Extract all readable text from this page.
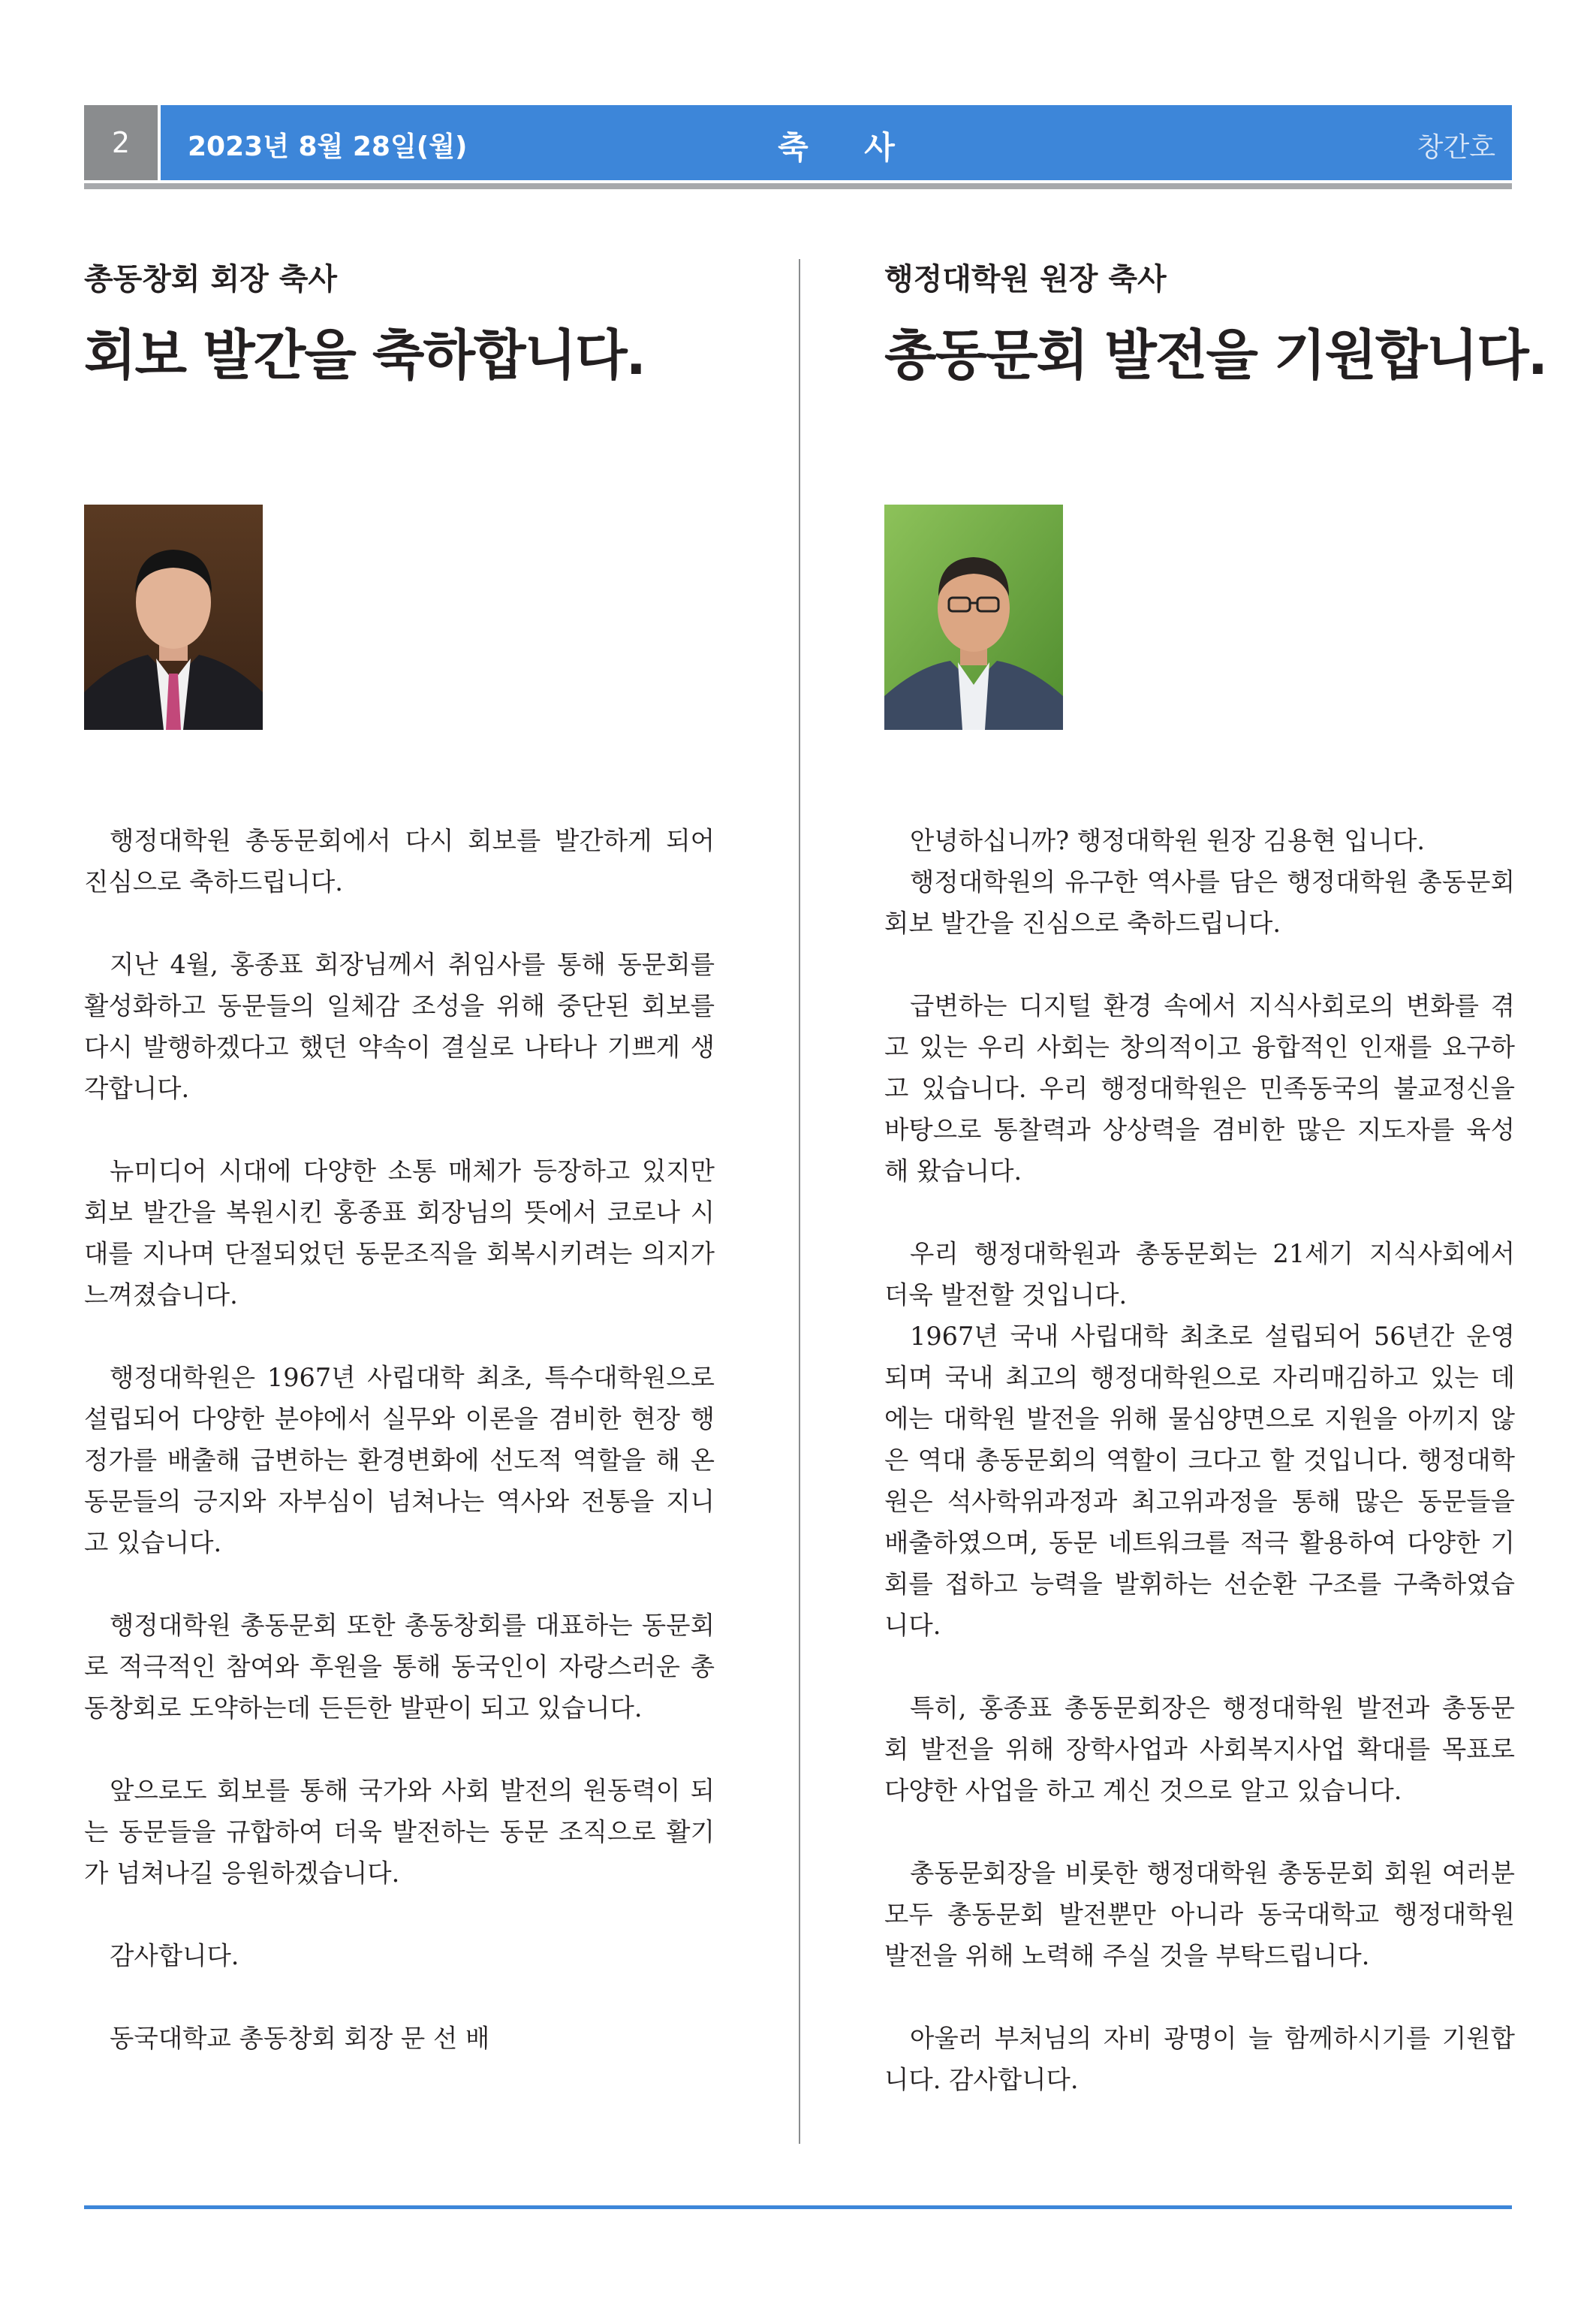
2	2023년 8월 28일(월)	축 사	창간호
총동창회 회장 축사
회보 발간을 축하합니다.

행정대학원 총동문회에서 다시 회보를 발간하게 되어 진심으로 축하드립니다.

지난 4월, 홍종표 회장님께서 취임사를 통해 동문회를 활성화하고 동문들의 일체감 조성을 위해 중단된 회보를 다시 발행하겠다고 했던 약속이 결실로 나타나 기쁘게 생각합니다.

뉴미디어 시대에 다양한 소통 매체가 등장하고 있지만 회보 발간을 복원시킨 홍종표 회장님의 뜻에서 코로나 시대를 지나며 단절되었던 동문조직을 회복시키려는 의지가 느껴졌습니다.

행정대학원은 1967년 사립대학 최초, 특수대학원으로 설립되어 다양한 분야에서 실무와 이론을 겸비한 현장 행정가를 배출해 급변하는 환경변화에 선도적 역할을 해 온 동문들의 긍지와 자부심이 넘쳐나는 역사와 전통을 지니고 있습니다.

행정대학원 총동문회 또한 총동창회를 대표하는 동문회로 적극적인 참여와 후원을 통해 동국인이 자랑스러운 총동창회로 도약하는데 든든한 발판이 되고 있습니다.

앞으로도 회보를 통해 국가와 사회 발전의 원동력이 되는 동문들을 규합하여 더욱 발전하는 동문 조직으로 활기가 넘쳐나길 응원하겠습니다.

감사합니다.

동국대학교 총동창회 회장 문 선 배

행정대학원 원장 축사
총동문회 발전을 기원합니다.

안녕하십니까? 행정대학원 원장 김용현 입니다.

행정대학원의 유구한 역사를 담은 행정대학원 총동문회 회보 발간을 진심으로 축하드립니다.

급변하는 디지털 환경 속에서 지식사회로의 변화를 겪고 있는 우리 사회는 창의적이고 융합적인 인재를 요구하고 있습니다. 우리 행정대학원은 민족동국의 불교정신을 바탕으로 통찰력과 상상력을 겸비한 많은 지도자를 육성해 왔습니다.

우리 행정대학원과 총동문회는 21세기 지식사회에서 더욱 발전할 것입니다.

1967년 국내 사립대학 최초로 설립되어 56년간 운영되며 국내 최고의 행정대학원으로 자리매김하고 있는 데에는 대학원 발전을 위해 물심양면으로 지원을 아끼지 않은 역대 총동문회의 역할이 크다고 할 것입니다. 행정대학원은 석사학위과정과 최고위과정을 통해 많은 동문들을 배출하였으며, 동문 네트워크를 적극 활용하여 다양한 기회를 접하고 능력을 발휘하는 선순환 구조를 구축하였습니다.

특히, 홍종표 총동문회장은 행정대학원 발전과 총동문회 발전을 위해 장학사업과 사회복지사업 확대를 목표로 다양한 사업을 하고 계신 것으로 알고 있습니다.

총동문회장을 비롯한 행정대학원 총동문회 회원 여러분 모두 총동문회 발전뿐만 아니라 동국대학교 행정대학원 발전을 위해 노력해 주실 것을 부탁드립니다.

아울러 부처님의 자비 광명이 늘 함께하시기를 기원합니다. 감사합니다.
